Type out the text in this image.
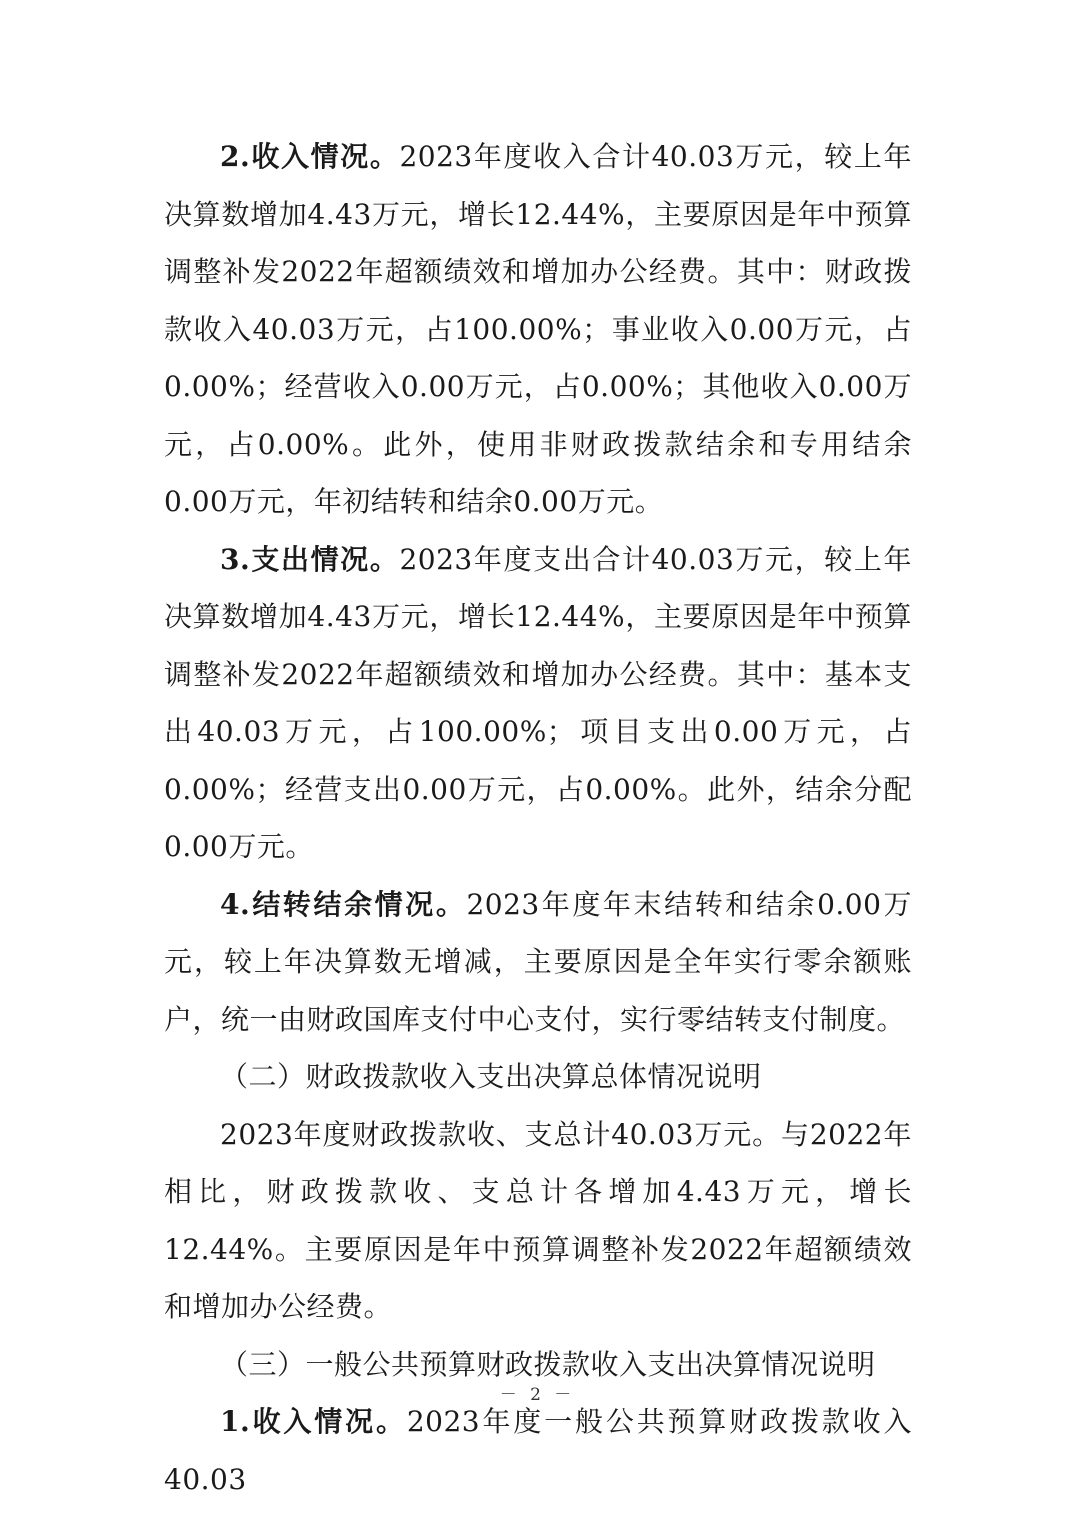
2.收入情况。2023年度收入合计40.03万元，较上年决算数增加4.43万元，增长12.44%，主要原因是年中预算调整补发2022年超额绩效和增加办公经费。其中：财政拨款收入40.03万元，占100.00%；事业收入0.00万元，占0.00%；经营收入0.00万元，占0.00%；其他收入0.00万元，占0.00%。此外，使用非财政拨款结余和专用结余0.00万元，年初结转和结余0.00万元。

3.支出情况。2023年度支出合计40.03万元，较上年决算数增加4.43万元，增长12.44%，主要原因是年中预算调整补发2022年超额绩效和增加办公经费。其中：基本支出40.03万元，占100.00%；项目支出0.00万元，占0.00%；经营支出0.00万元，占0.00%。此外，结余分配0.00万元。

4.结转结余情况。2023年度年末结转和结余0.00万元，较上年决算数无增减，主要原因是全年实行零余额账户，统一由财政国库支付中心支付，实行零结转支付制度。

（二）财政拨款收入支出决算总体情况说明

2023年度财政拨款收、支总计40.03万元。与2022年相比，财政拨款收、支总计各增加4.43万元，增长12.44%。主要原因是年中预算调整补发2022年超额绩效和增加办公经费。

（三）一般公共预算财政拨款收入支出决算情况说明

1.收入情况。2023年度一般公共预算财政拨款收入40.03

－ 2 －
